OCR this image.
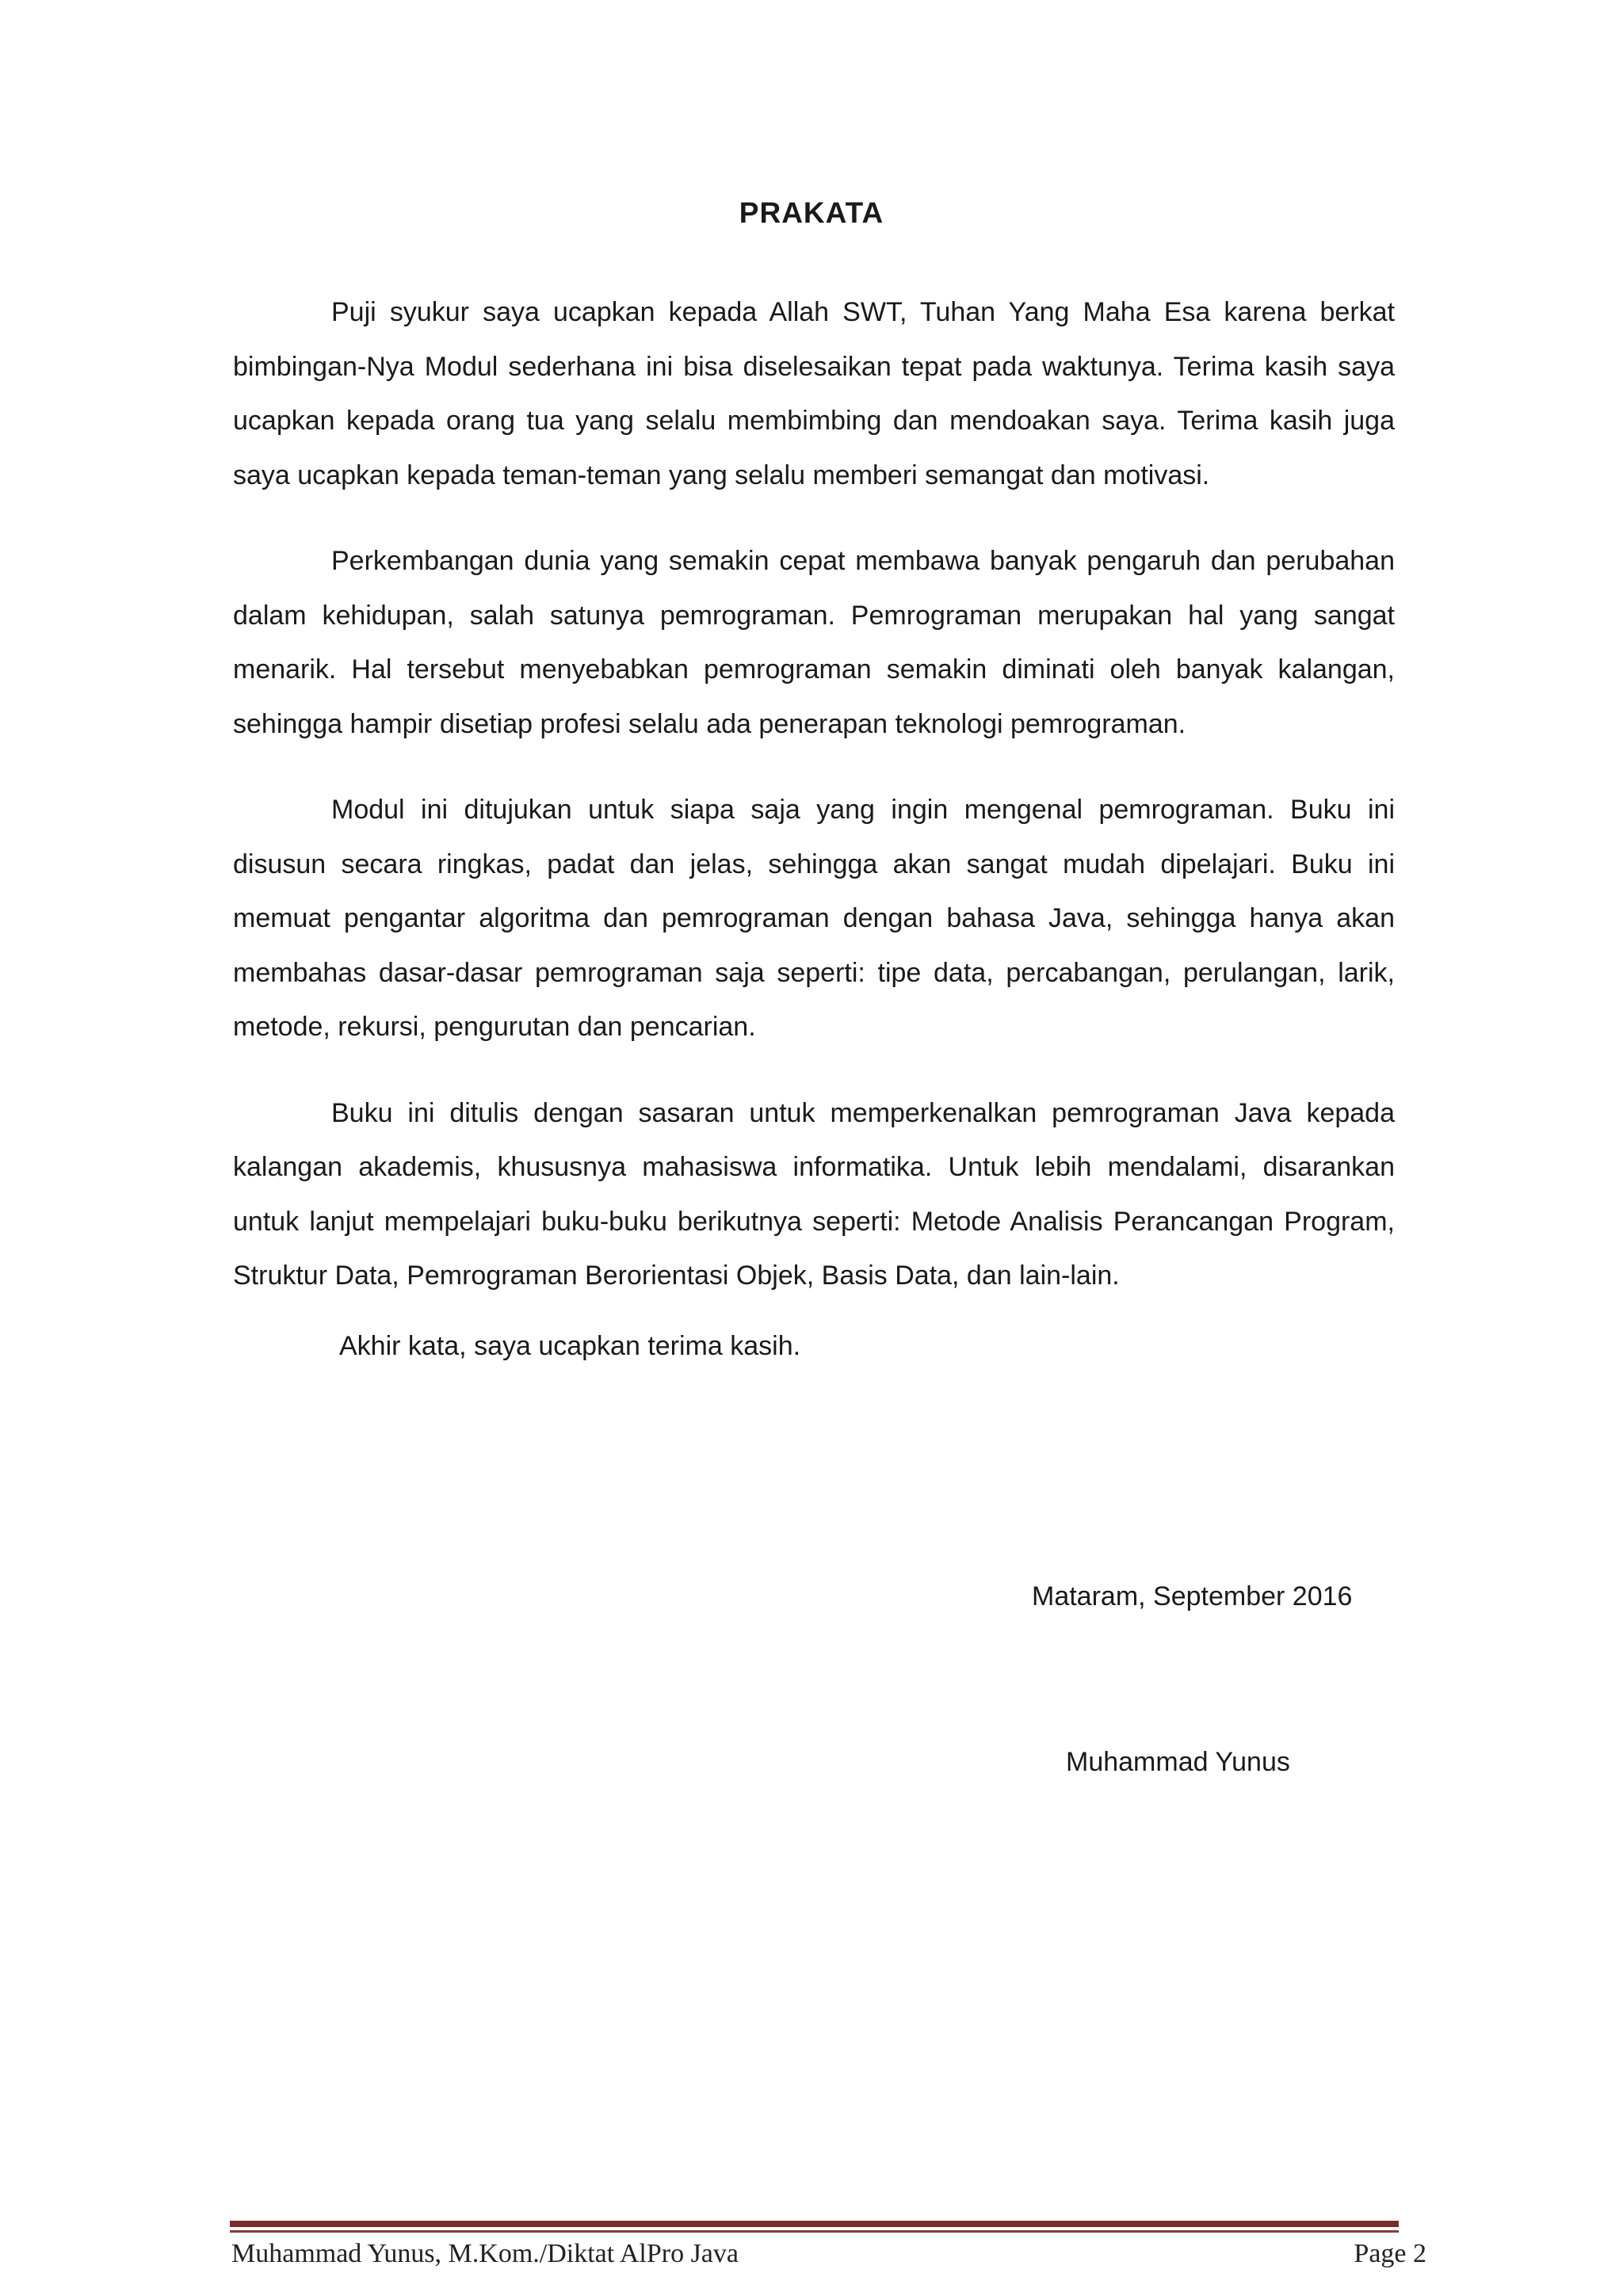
PRAKATA

Puji syukur saya ucapkan kepada Allah SWT, Tuhan Yang Maha Esa karena berkat bimbingan-Nya Modul sederhana ini bisa diselesaikan tepat pada waktunya. Terima kasih saya ucapkan kepada orang tua yang selalu membimbing dan mendoakan saya. Terima kasih juga saya ucapkan kepada teman-teman yang selalu memberi semangat dan motivasi.

Perkembangan dunia yang semakin cepat membawa banyak pengaruh dan perubahan dalam kehidupan, salah satunya pemrograman. Pemrograman merupakan hal yang sangat menarik. Hal tersebut menyebabkan pemrograman semakin diminati oleh banyak kalangan, sehingga hampir disetiap profesi selalu ada penerapan teknologi pemrograman.

Modul ini ditujukan untuk siapa saja yang ingin mengenal pemrograman. Buku ini disusun secara ringkas, padat dan jelas, sehingga akan sangat mudah dipelajari. Buku ini memuat pengantar algoritma dan pemrograman dengan bahasa Java, sehingga hanya akan membahas dasar-dasar pemrograman saja seperti: tipe data, percabangan, perulangan, larik, metode, rekursi, pengurutan dan pencarian.

Buku ini ditulis dengan sasaran untuk memperkenalkan pemrograman Java kepada kalangan akademis, khususnya mahasiswa informatika. Untuk lebih mendalami, disarankan untuk lanjut mempelajari buku-buku berikutnya seperti: Metode Analisis Perancangan Program, Struktur Data, Pemrograman Berorientasi Objek, Basis Data, dan lain-lain.

Akhir kata, saya ucapkan terima kasih.
Mataram, September 2016
Muhammad Yunus
Muhammad Yunus, M.Kom./Diktat AlPro Java	Page 2
